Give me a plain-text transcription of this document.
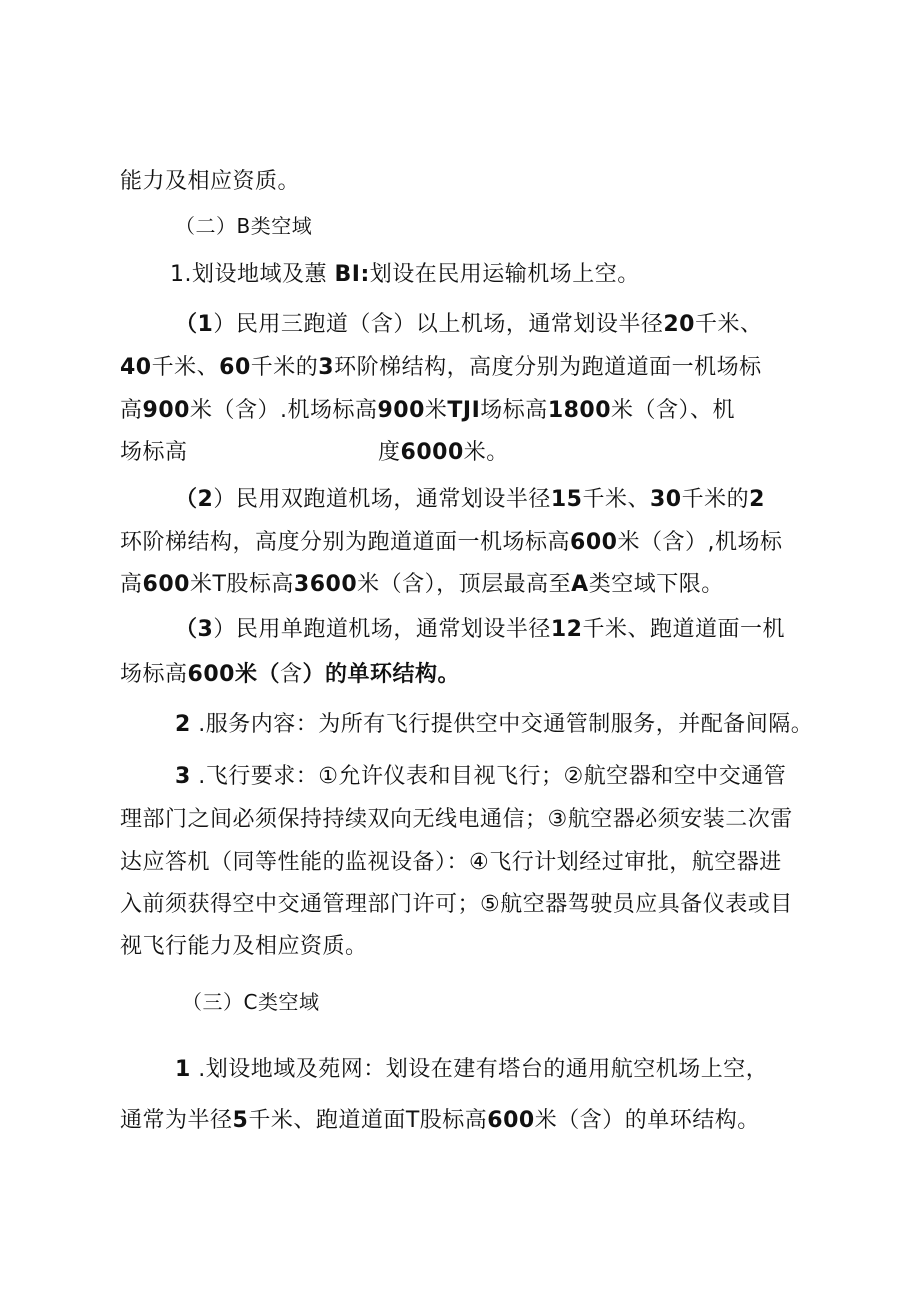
能力及相应资质。
（二）B类空域
1.划设地域及蕙 BI:划设在民用运输机场上空。
（1）民用三跑道（含）以上机场，通常划设半径20千米、
40千米、60千米的3环阶梯结构，高度分别为跑道道面一机场标
高900米（含）.机场标高900米TJI场标高1800米（含）、机
场标高	度6000米。
（2）民用双跑道机场，通常划设半径15千米、30千米的2
环阶梯结构，高度分别为跑道道面一机场标高600米（含）,机场标
高600米T股标高3600米（含），顶层最高至A类空域下限。
（3）民用单跑道机场，通常划设半径12千米、跑道道面一机
场标高600米（含）的单环结构。
2 .服务内容：为所有飞行提供空中交通管制服务，并配备间隔。
3 .飞行要求：①允许仪表和目视飞行；②航空器和空中交通管
理部门之间必须保持持续双向无线电通信；③航空器必须安装二次雷
达应答机（同等性能的监视设备）：④飞行计划经过审批，航空器进
入前须获得空中交通管理部门许可；⑤航空器驾驶员应具备仪表或目
视飞行能力及相应资质。
（三）C类空域
1 .划设地域及苑网：划设在建有塔台的通用航空机场上空，
通常为半径5千米、跑道道面T股标高600米（含）的单环结构。
